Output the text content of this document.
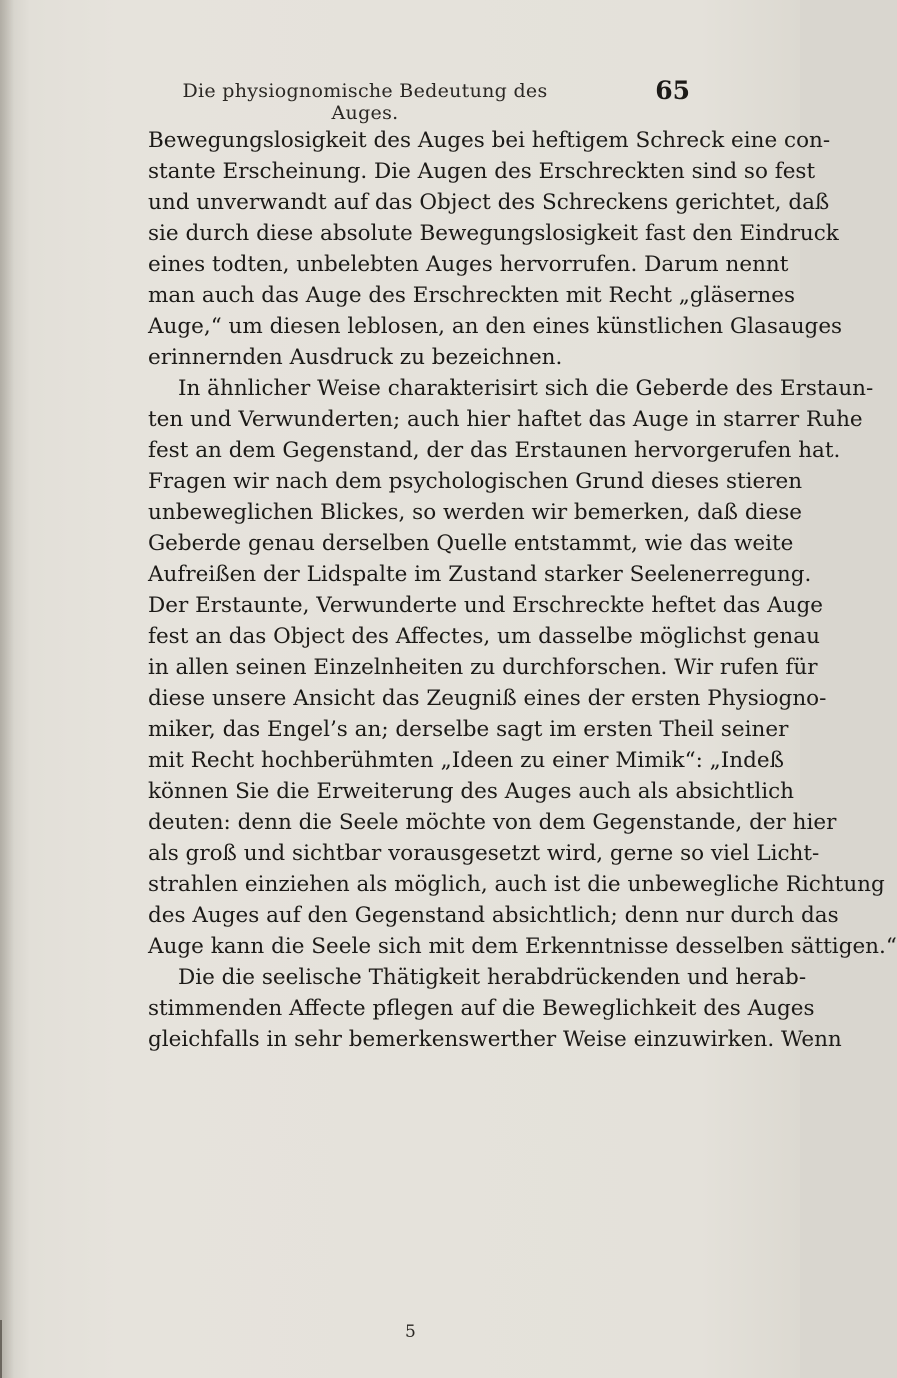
Die physiognomische Bedeutung des Auges.
65
Bewegungslosigkeit des Auges bei heftigem Schreck eine con-
stante Erscheinung. Die Augen des Erschreckten sind so fest
und unverwandt auf das Object des Schreckens gerichtet, daß
sie durch diese absolute Bewegungslosigkeit fast den Eindruck
eines todten, unbelebten Auges hervorrufen. Darum nennt
man auch das Auge des Erschreckten mit Recht „gläsernes
Auge,“ um diesen leblosen, an den eines künstlichen Glasauges
erinnernden Ausdruck zu bezeichnen.
In ähnlicher Weise charakterisirt sich die Geberde des Erstaun-
ten und Verwunderten; auch hier haftet das Auge in starrer Ruhe
fest an dem Gegenstand, der das Erstaunen hervorgerufen hat.
Fragen wir nach dem psychologischen Grund dieses stieren
unbeweglichen Blickes, so werden wir bemerken, daß diese
Geberde genau derselben Quelle entstammt, wie das weite
Aufreißen der Lidspalte im Zustand starker Seelenerregung.
Der Erstaunte, Verwunderte und Erschreckte heftet das Auge
fest an das Object des Affectes, um dasselbe möglichst genau
in allen seinen Einzelnheiten zu durchforschen. Wir rufen für
diese unsere Ansicht das Zeugniß eines der ersten Physiogno-
miker, das Engel’s an; derselbe sagt im ersten Theil seiner
mit Recht hochberühmten „Ideen zu einer Mimik“: „Indeß
können Sie die Erweiterung des Auges auch als absichtlich
deuten: denn die Seele möchte von dem Gegenstande, der hier
als groß und sichtbar vorausgesetzt wird, gerne so viel Licht-
strahlen einziehen als möglich, auch ist die unbewegliche Richtung
des Auges auf den Gegenstand absichtlich; denn nur durch das
Auge kann die Seele sich mit dem Erkenntnisse desselben sättigen.“
Die die seelische Thätigkeit herabdrückenden und herab-
stimmenden Affecte pflegen auf die Beweglichkeit des Auges
gleichfalls in sehr bemerkenswerther Weise einzuwirken. Wenn
5
